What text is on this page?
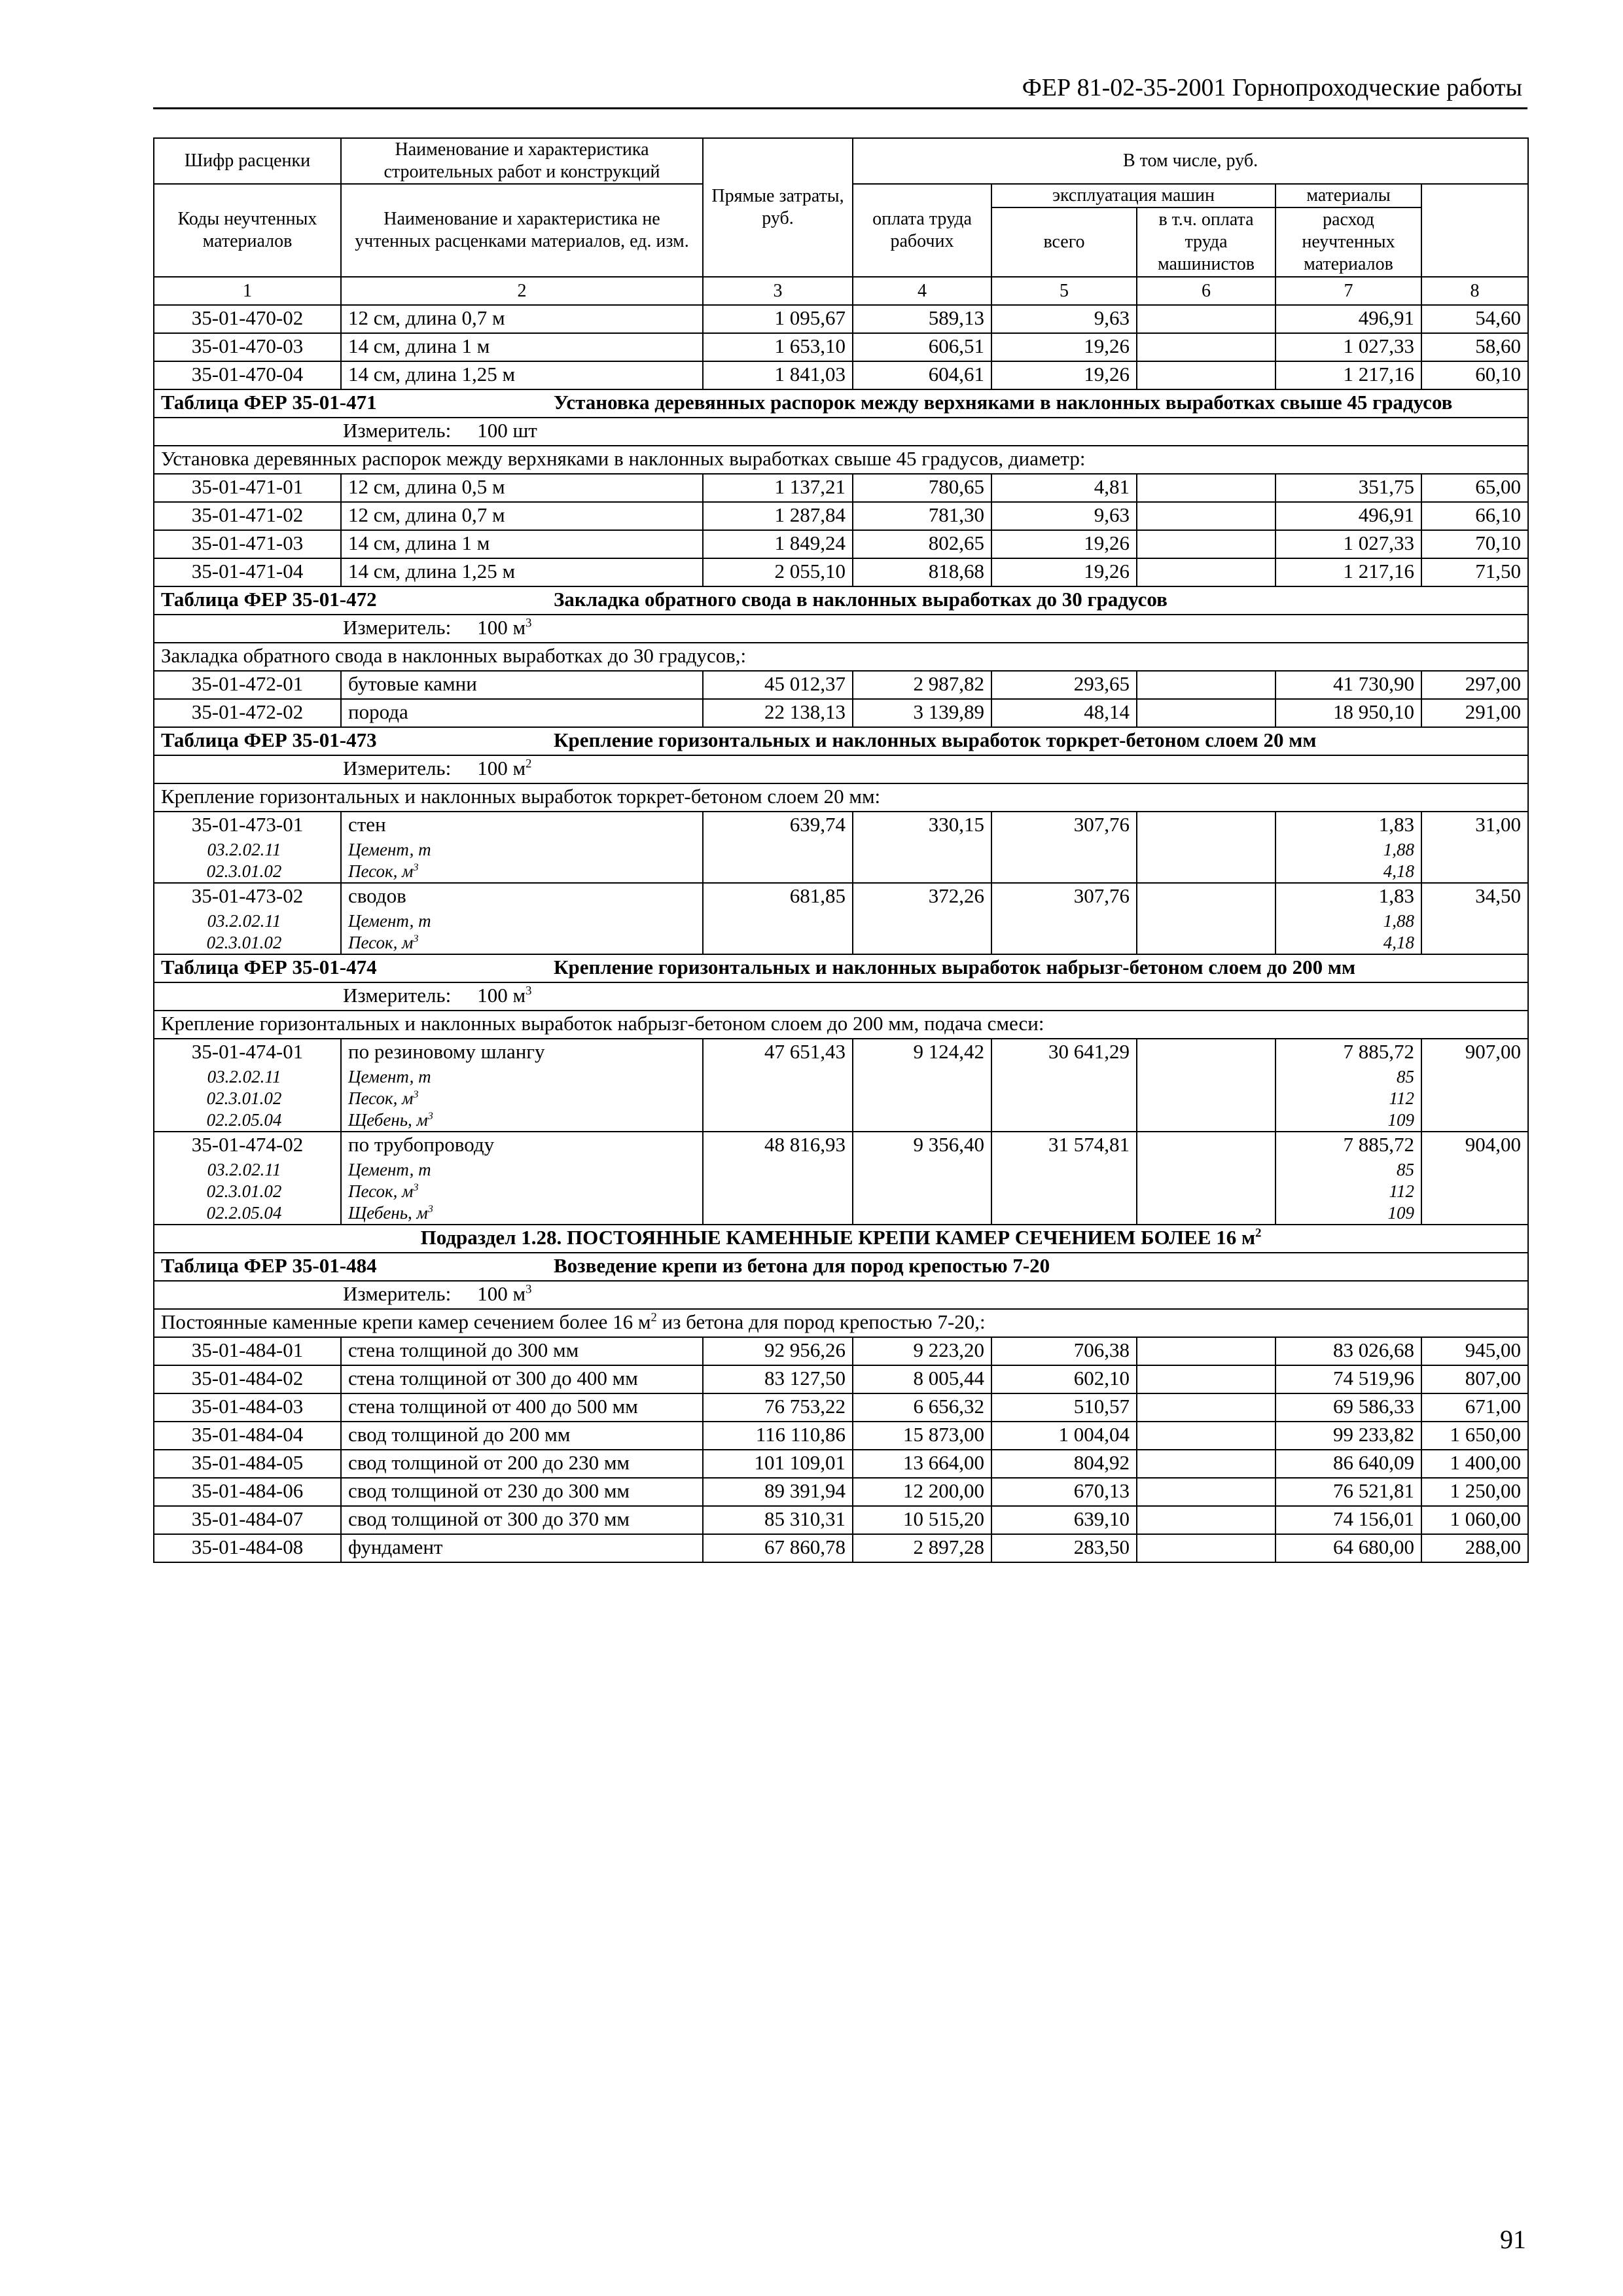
ФЕР 81-02-35-2001 Горнопроходческие работы
Шифр расценки	Наименование и характеристика строительных работ и конструкций	Прямые затраты, руб.	В том числе, руб.	
Коды неучтенных материалов	Наименование и характеристика не учтенных расценками материалов, ед. изм.		оплата труда рабочих	эксплуатация машин		материалы		
				всего	в т.ч. оплата труда машинистов	расход неучтенных материалов		
1	2	3	4	5	6	7	8	
35-01-470-02	12 см, длина 0,7 м	1 095,67	589,13	9,63		496,91	54,60	
35-01-470-03	14 см, длина 1 м	1 653,10	606,51	19,26		1 027,33	58,60	
35-01-470-04	14 см, длина 1,25 м	1 841,03	604,61	19,26		1 217,16	60,10	
Таблица ФЕР 35-01-471 Установка деревянных распорок между верхняками в наклонных выработках свыше 45 градусов								
Измеритель: 100 шт								
Установка деревянных распорок между верхняками в наклонных выработках свыше 45 градусов, диаметр:								
35-01-471-01	12 см, длина 0,5 м	1 137,21	780,65	4,81		351,75	65,00	
35-01-471-02	12 см, длина 0,7 м	1 287,84	781,30	9,63		496,91	66,10	
35-01-471-03	14 см, длина 1 м	1 849,24	802,65	19,26		1 027,33	70,10	
35-01-471-04	14 см, длина 1,25 м	2 055,10	818,68	19,26		1 217,16	71,50	
Таблица ФЕР 35-01-472 Закладка обратного свода в наклонных выработках до 30 градусов								
Измеритель: 100 $м^3$
Закладка обратного свода в наклонных выработках до 30 градусов,:								
35-01-472-01	бутовые камни	45 012,37	2 987,82	293,65		41 730,90	297,00	
35-01-472-02	порода	22 138,13	3 139,89	48,14		18 950,10	291,00	
Таблица ФЕР 35-01-473 Крепление горизонтальных и наклонных выработок торкрет-бетоном слоем 20 мм								
Измеритель: 100 $м^2$
Крепление горизонтальных и наклонных выработок торкрет-бетоном слоем 20 мм:								
35-01-473-01	стен	639,74	330,15	307,76		1,83	31,00	
03.2.02.11	Цемент, т					1,88		
02.3.01.02	Песок, $м^3$					4,18		
35-01-473-02	сводов	681,85	372,26	307,76		1,83	34,50	
03.2.02.11	Цемент, т					1,88		
02.3.01.02	Песок, $м^3$					4,18		
Таблица ФЕР 35-01-474 Крепление горизонтальных и наклонных выработок набрызг-бетоном слоем до 200 мм								
Измеритель: 100 $м^3$
Крепление горизонтальных и наклонных выработок набрызг-бетоном слоем до 200 мм, подача смеси:								
35-01-474-01	по резиновому шлангу	47 651,43	9 124,42	30 641,29		7 885,72	907,00	
03.2.02.11	Цемент, т					85		
02.3.01.02	Песок, $м^3$					112		
02.2.05.04	Щебень, $м^3$					109		
35-01-474-02	по трубопроводу	48 816,93	9 356,40	31 574,81		7 885,72	904,00	
03.2.02.11	Цемент, т					85		
02.3.01.02	Песок, $м^3$					112		
02.2.05.04	Щебень, $м^3$					109		
Подраздел 1.28. ПОСТОЯННЫЕ КАМЕННЫЕ КРЕПИ КАМЕР СЕЧЕНИЕМ БОЛЕЕ 16 $м^2$
Таблица ФЕР 35-01-484 Возведение крепи из бетона для пород крепостью 7-20								
Измеритель: 100 $м^3$
Постоянные каменные крепи камер сечением более 16 $м^2$ из бетона для пород крепостью 7-20,:								
35-01-484-01	стена толщиной до 300 мм	92 956,26	9 223,20	706,38		83 026,68	945,00	
35-01-484-02	стена толщиной от 300 до 400 мм	83 127,50	8 005,44	602,10		74 519,96	807,00	
35-01-484-03	стена толщиной от 400 до 500 мм	76 753,22	6 656,32	510,57		69 586,33	671,00	
35-01-484-04	свод толщиной до 200 мм	116 110,86	15 873,00	1 004,04		99 233,82	1 650,00	
35-01-484-05	свод толщиной от 200 до 230 мм	101 109,01	13 664,00	804,92		86 640,09	1 400,00	
35-01-484-06	свод толщиной от 230 до 300 мм	89 391,94	12 200,00	670,13		76 521,81	1 250,00	
35-01-484-07	свод толщиной от 300 до 370 мм	85 310,31	10 515,20	639,10		74 156,01	1 060,00	
35-01-484-08	фундамент	67 860,78	2 897,28	283,50		64 680,00	288,00	
91
